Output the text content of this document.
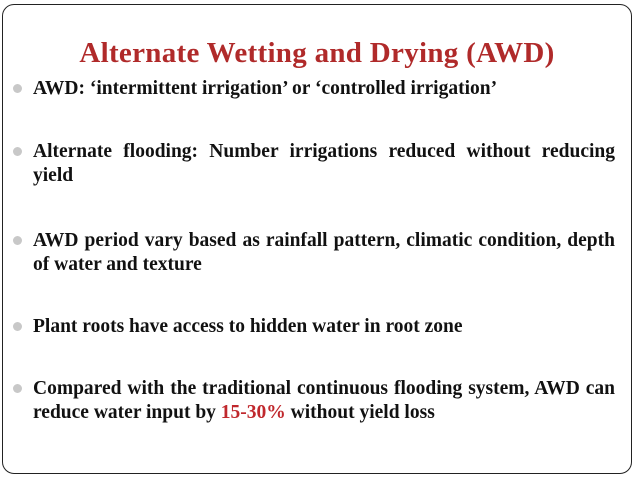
Alternate Wetting and Drying (AWD)
AWD: ‘intermittent irrigation’ or ‘controlled irrigation’
Alternate flooding: Number irrigations reduced without reducing yield
AWD period vary based as rainfall pattern, climatic condition, depth of water and texture
Plant roots have access to hidden water in root zone
Compared with the traditional continuous flooding system, AWD can reduce water input by 15-30% without yield loss
